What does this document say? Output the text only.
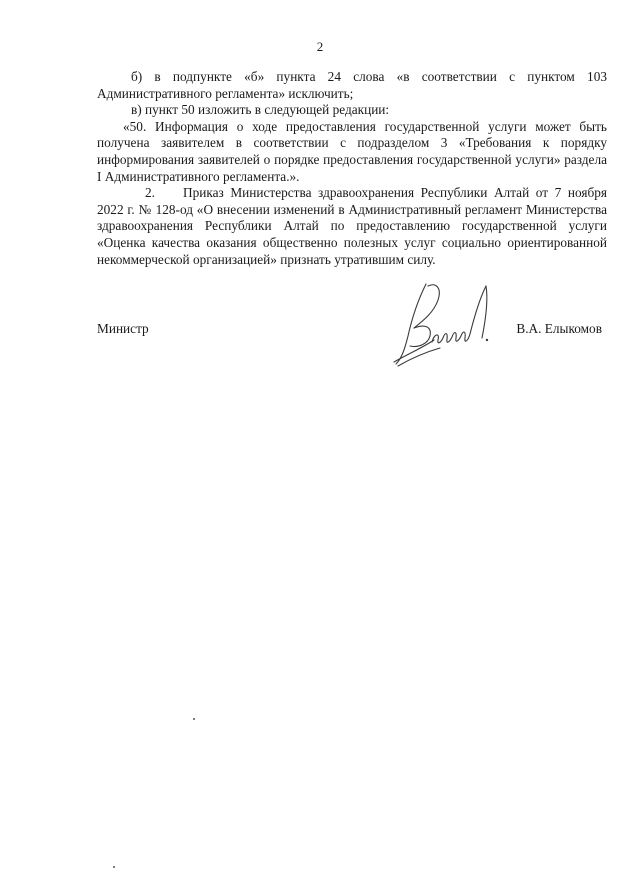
2

б) в подпункте «б» пункта 24 слова «в соответствии с пунктом 103 Административного регламента» исключить;

в) пункт 50 изложить в следующей редакции:

«50. Информация о ходе предоставления государственной услуги может быть получена заявителем в соответствии с подразделом 3 «Требования к порядку информирования заявителей о порядке предоставления государственной услуги» раздела I Административного регламента.».

2. Приказ Министерства здравоохранения Республики Алтай от 7 ноября 2022 г. № 128-од «О внесении изменений в Административный регламент Министерства здравоохранения Республики Алтай по предоставлению государственной услуги «Оценка качества оказания общественно полезных услуг социально ориентированной некоммерческой организацией» признать утратившим силу.

Министр	В.А. Елыкомов
